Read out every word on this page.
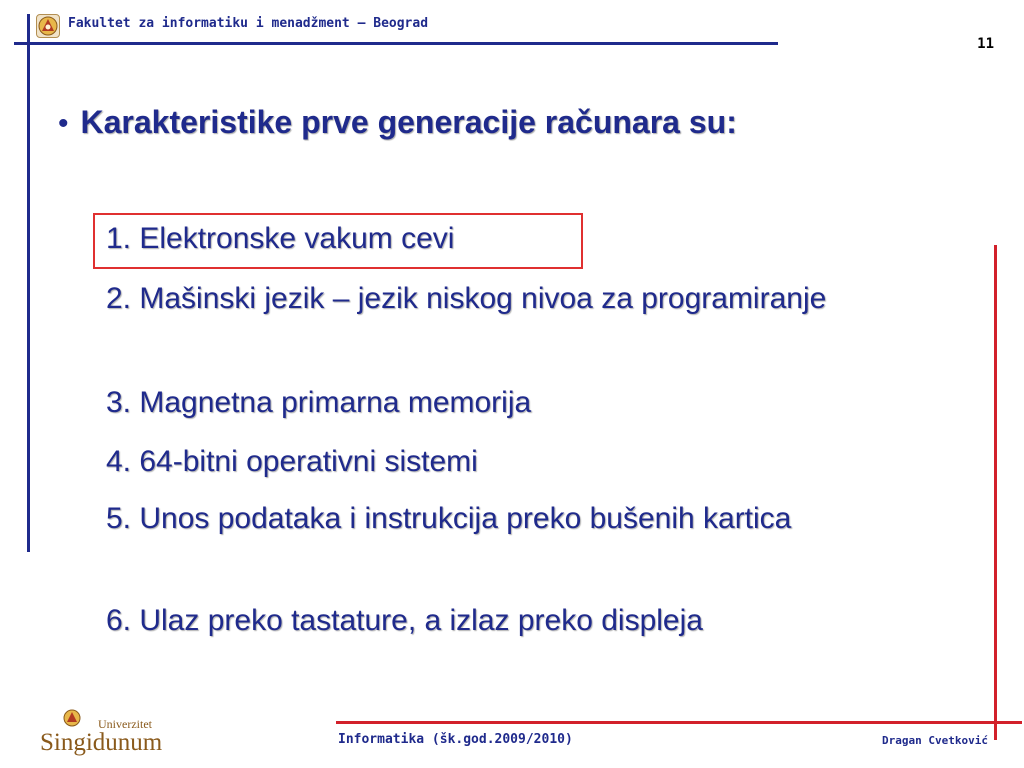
Fakultet za informatiku i menadžment – Beograd
11
• Karakteristike prve generacije računara su:
1. Elektronske vakum cevi
2. Mašinski jezik – jezik niskog nivoa za programiranje
3. Magnetna primarna memorija
4. 64-bitni operativni sistemi
5. Unos podataka i instrukcija preko bušenih kartica
6. Ulaz preko tastature, a izlaz preko displeja
Univerzitet
Singidunum	Informatika (šk.god.2009/2010)	Dragan Cvetković
